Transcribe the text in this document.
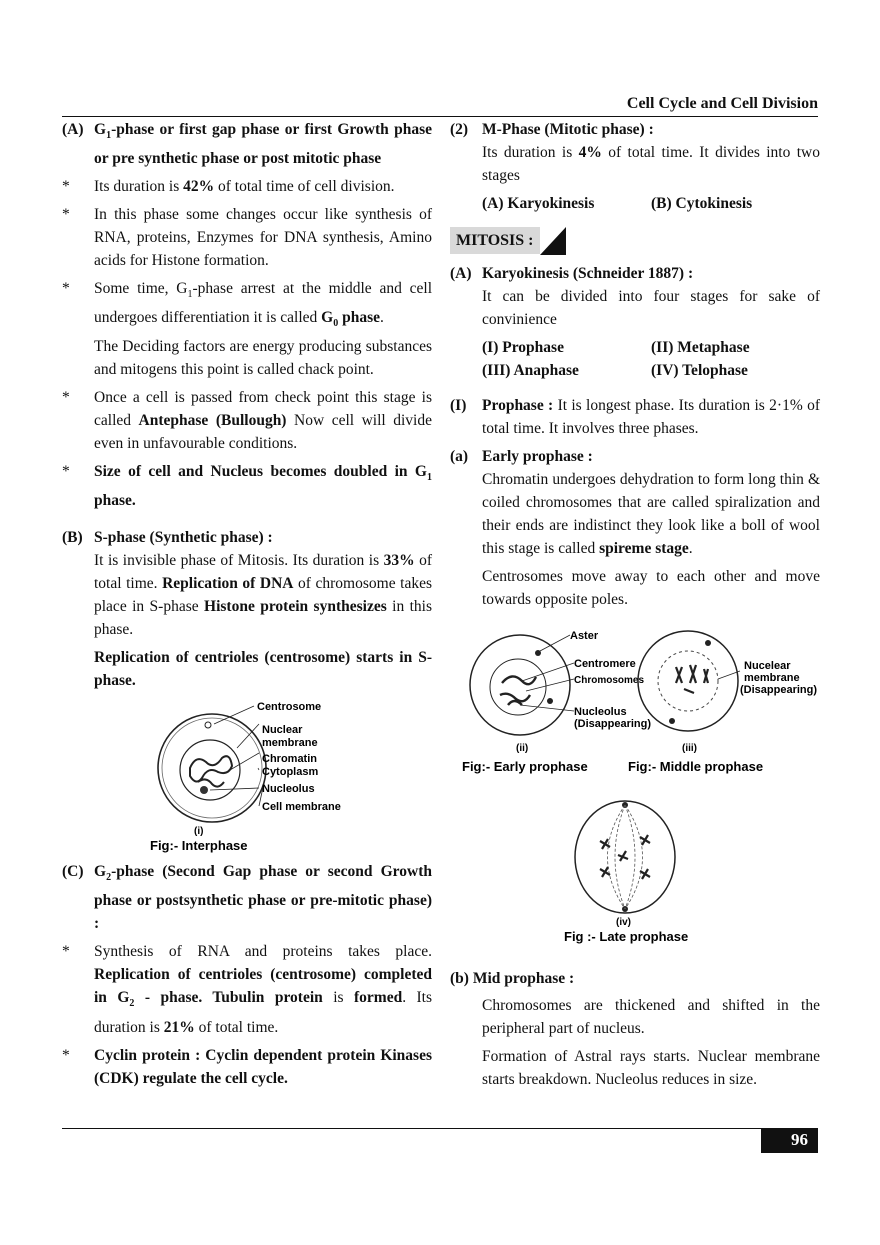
Cell Cycle and Cell Division
(A) $G_1$-phase or first gap phase or first Growth phase or pre synthetic phase or post mitotic phase
*	Its duration is 42% of total time of cell division.
*	In this phase some changes occur like synthesis of RNA, proteins, Enzymes for DNA synthesis, Amino acids for Histone formation.
*	Some time, $G_1$-phase arrest at the middle and cell undergoes differentiation it is called $G_0$ phase.
The Deciding factors are energy producing substances and mitogens this point is called chack point.
*	Once a cell is passed from check point this stage is called Antephase (Bullough) Now cell will divide even in unfavourable conditions.
*	Size of cell and Nucleus becomes doubled in $G_1$ phase.
(B) S-phase (Synthetic phase) :
It is invisible phase of Mitosis. Its duration is 33% of total time. Replication of DNA of chromosome takes place in S-phase Histone protein synthesizes in this phase.
Replication of centrioles (centrosome) starts in S- phase.
Centrosome
Nuclear
membrane
Chromatin
Cytoplasm
Nucleolus
Cell membrane
(i)
Fig:- Interphase
(C) $G_2$-phase (Second Gap phase or second Growth phase or postsynthetic phase or pre-mitotic phase) :
*	Synthesis of RNA and proteins takes place. Replication of centrioles (centrosome) completed in $G_2$ - phase. Tubulin protein is formed. Its duration is 21% of total time.
*	Cyclin protein : Cyclin dependent protein Kinases (CDK) regulate the cell cycle.
(2) M-Phase (Mitotic phase) :
Its duration is 4% of total time. It divides into two stages
(A) Karyokinesis	(B) Cytokinesis
MITOSIS :
(A) Karyokinesis (Schneider 1887) :
It can be divided into four stages for sake of convinience
(I) Prophase	(II) Metaphase
(III) Anaphase	(IV) Telophase
(I)	Prophase : It is longest phase. Its duration is 2·1% of total time. It involves three phases.
(a) Early prophase :
Chromatin undergoes dehydration to form long thin & coiled chromosomes that are called spiralization and their ends are indistinct they look like a boll of wool this stage is called spireme stage.
Centrosomes move away to each other and move towards opposite poles.
Aster
Centromere
Chromosomes
Nucleolus
(Disappearing)
Nucelear
membrane
(Disappearing)
(ii)	(iii)
Fig:- Early prophase	Fig:- Middle prophase
(iv)
Fig :- Late prophase
(b) Mid prophase :
Chromosomes are thickened and shifted in the peripheral part of nucleus.
Formation of Astral rays starts. Nuclear membrane starts breakdown. Nucleolus reduces in size.
96
